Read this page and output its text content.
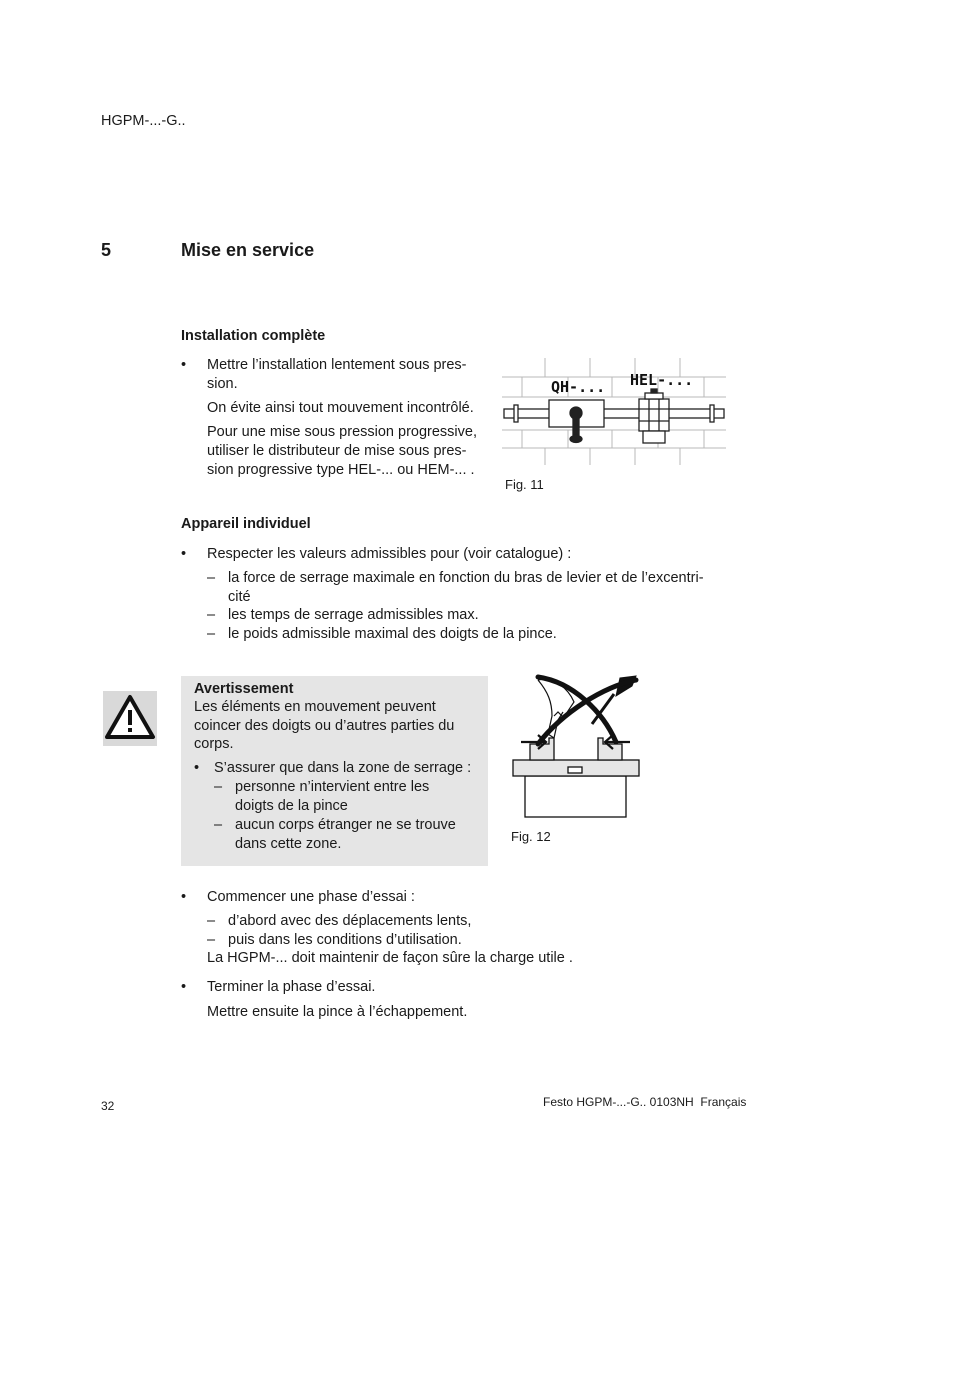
HGPM-...-G..
5	Mise en service
Installation complète
• Mettre l’installation lentement sous pres-
sion.
On évite ainsi tout mouvement incontrôlé.
Pour une mise sous pression progressive,
utiliser le distributeur de mise sous pres-
sion progressive type HEL-... ou HEM-... .
QH-... HEL-...
Fig. 11
Appareil individuel
• Respecter les valeurs admissibles pour (voir catalogue) :
– la force de serrage maximale en fonction du bras de levier et de l’excentri-
cité
– les temps de serrage admissibles max.
– le poids admissible maximal des doigts de la pince.
Avertissement
Les éléments en mouvement peuvent
coincer des doigts ou d’autres parties du
corps.
• S’assurer que dans la zone de serrage :
– personne n’intervient entre les
doigts de la pince
– aucun corps étranger ne se trouve
dans cette zone.	Fig. 12
• Commencer une phase d’essai :
– d’abord avec des déplacements lents,
– puis dans les conditions d’utilisation.
La HGPM-... doit maintenir de façon sûre la charge utile .
• Terminer la phase d’essai.
Mettre ensuite la pince à l’échappement.
32	Festo HGPM-...-G.. 0103NH  Français
